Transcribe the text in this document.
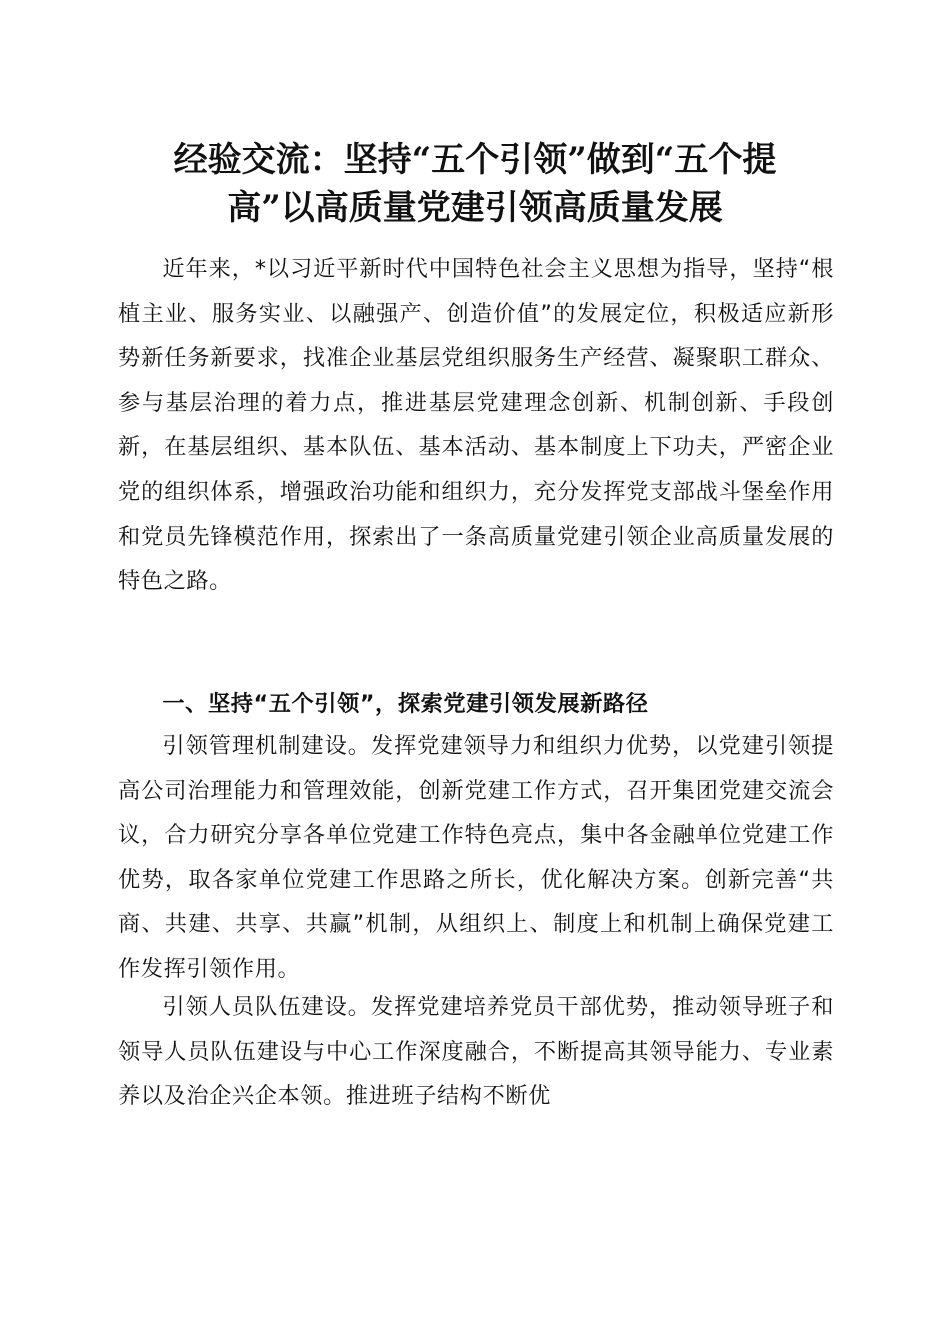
经验交流：坚持“五个引领”做到“五个提
高”以高质量党建引领高质量发展

近年来，*以习近平新时代中国特色社会主义思想为指导，坚持“根植主业、服务实业、以融强产、创造价值”的发展定位，积极适应新形势新任务新要求，找准企业基层党组织服务生产经营、凝聚职工群众、参与基层治理的着力点，推进基层党建理念创新、机制创新、手段创新，在基层组织、基本队伍、基本活动、基本制度上下功夫，严密企业党的组织体系，增强政治功能和组织力，充分发挥党支部战斗堡垒作用和党员先锋模范作用，探索出了一条高质量党建引领企业高质量发展的特色之路。

一、坚持“五个引领”，探索党建引领发展新路径

引领管理机制建设。发挥党建领导力和组织力优势，以党建引领提高公司治理能力和管理效能，创新党建工作方式，召开集团党建交流会议，合力研究分享各单位党建工作特色亮点，集中各金融单位党建工作优势，取各家单位党建工作思路之所长，优化解决方案。创新完善“共商、共建、共享、共赢”机制，从组织上、制度上和机制上确保党建工作发挥引领作用。

引领人员队伍建设。发挥党建培养党员干部优势，推动领导班子和领导人员队伍建设与中心工作深度融合，不断提高其领导能力、专业素养以及治企兴企本领。推进班子结构不断优
